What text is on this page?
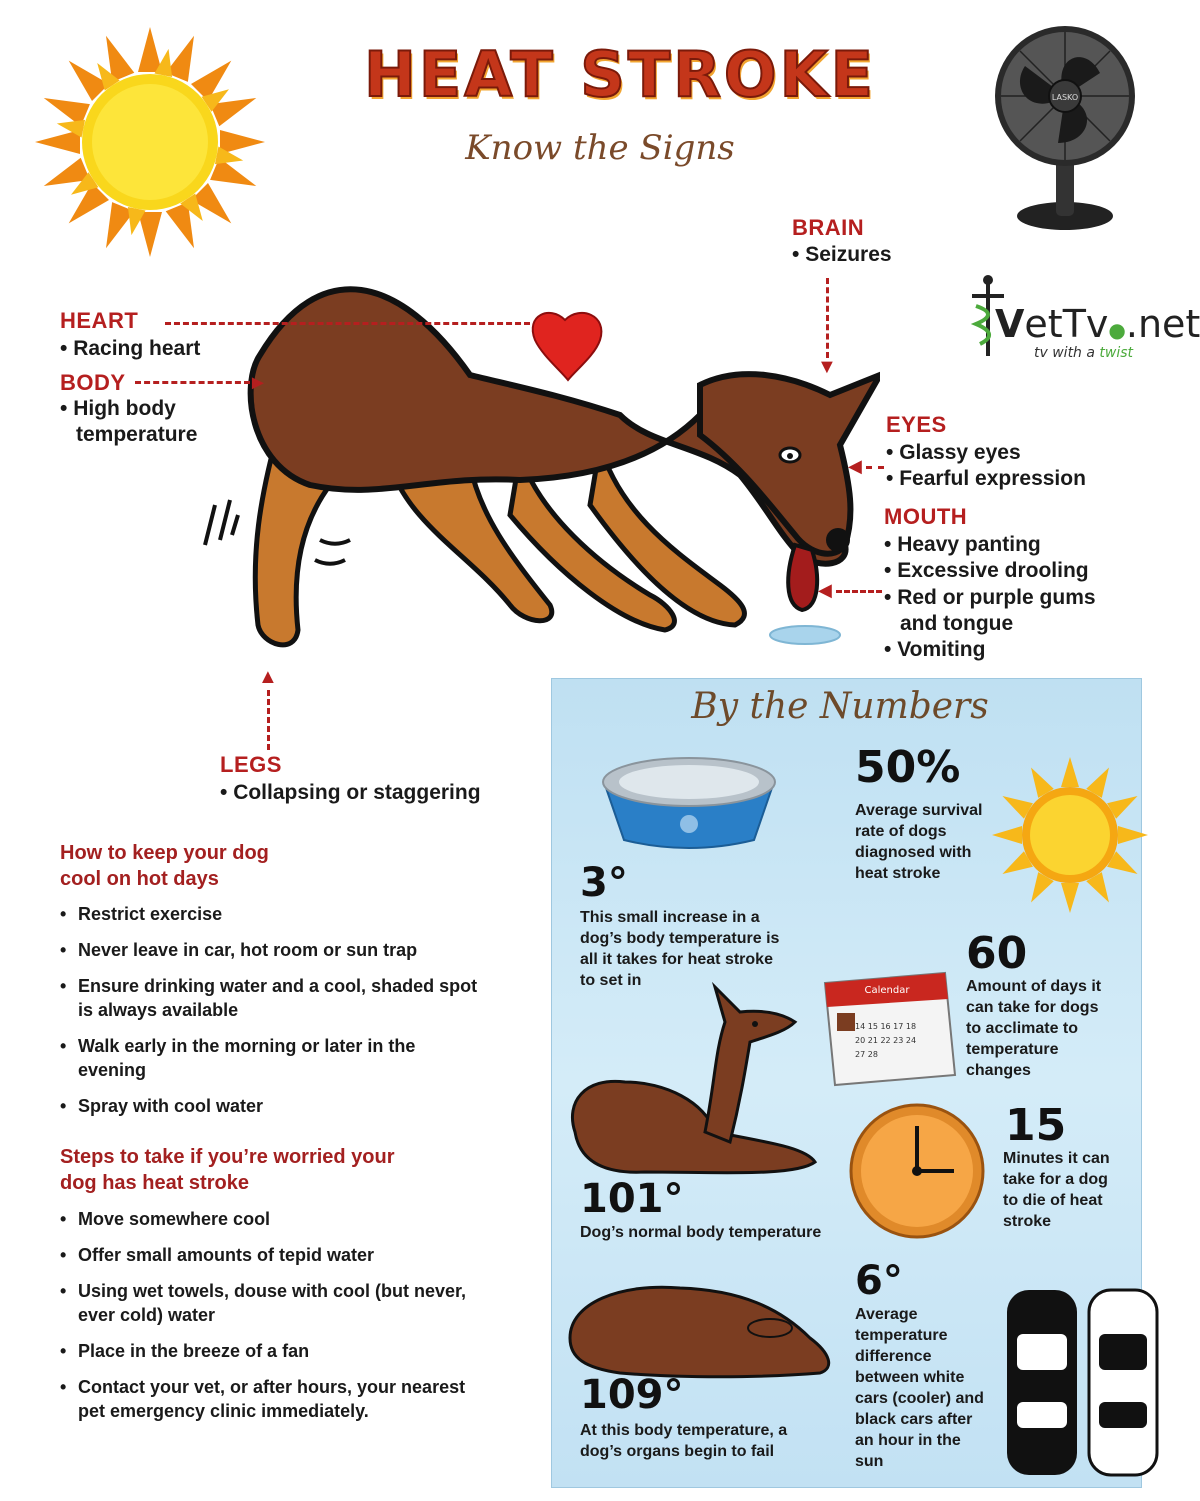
HEAT STROKE
Know the Signs
LASKO
VetTv●.net
tv with a twist
HEART
• Racing heart
BODY	►
• High body
temperature
BRAIN
• Seizures
▼
EYES
◀
• Glassy eyes
• Fearful expression
MOUTH
◀
• Heavy panting
• Excessive drooling
• Red or purple gums
and tongue
• Vomiting
▲
LEGS
• Collapsing or staggering
How to keep your dog
cool on hot days
• Restrict exercise
• Never leave in car, hot room or sun trap
• Ensure drinking water and a cool, shaded spot
is always available
• Walk early in the morning or later in the
evening
• Spray with cool water
Steps to take if you’re worried your
dog has heat stroke
• Move somewhere cool
• Offer small amounts of tepid water
• Using wet towels, douse with cool (but never,
ever cold) water
• Place in the breeze of a fan
• Contact your vet, or after hours, your nearest
pet emergency clinic immediately.
By the Numbers
50%
Average survival
rate of dogs
diagnosed with
heat stroke
3°
This small increase in a
dog’s body temperature is
all it takes for heat stroke
to set in
60
Amount of days it
can take for dogs
to acclimate to
temperature
changes
Calendar
14 15 16 17 18
20 21 22 23 24
27 28
15
Minutes it can
take for a dog
to die of heat
stroke
101°
Dog’s normal body temperature
6°
Average
temperature
difference
between white
cars (cooler) and
black cars after
an hour in the
sun
109°
At this body temperature, a
dog’s organs begin to fail
